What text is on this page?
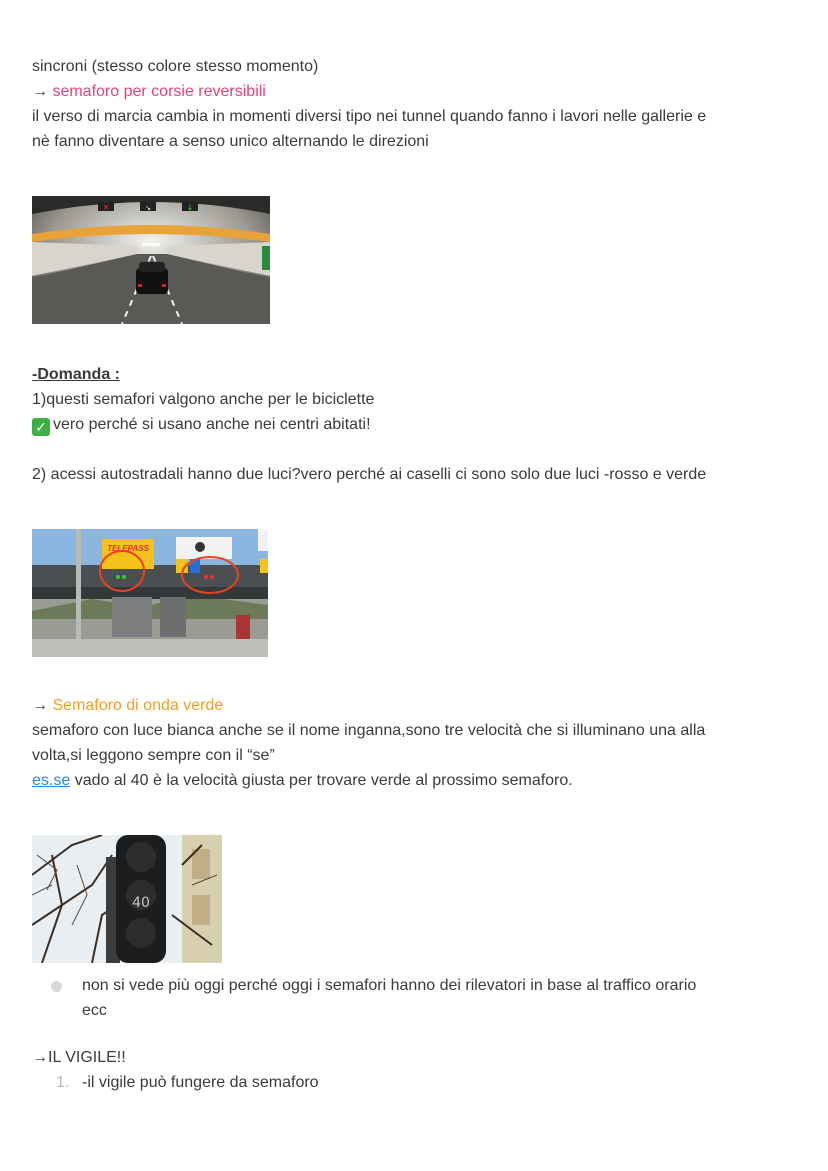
sincroni (stesso colore stesso momento)

→ semaforo per corsie reversibili

il verso di marcia cambia in momenti diversi tipo nei tunnel quando fanno i lavori nelle gallerie e

nè fanno diventare a senso unico alternando le direzioni

✕	↘	↓

-Domanda :

1)questi semafori valgono anche per le biciclette

✓ vero perché si usano anche nei centri abitati!

2) acessi autostradali hanno due luci?vero perché ai caselli ci sono solo due luci -rosso e verde

TELEPASS

→ Semaforo di onda verde

semaforo con luce bianca anche se il nome inganna,sono tre velocità che si illuminano una alla

volta,si leggono sempre con il “se”

es.se vado al 40 è la velocità giusta per trovare verde al prossimo semaforo.

40

non si vede più oggi perché oggi i semafori hanno dei rilevatori in base al traffico orario

ecc

→IL VIGILE!!

1. -il vigile può fungere da semaforo
